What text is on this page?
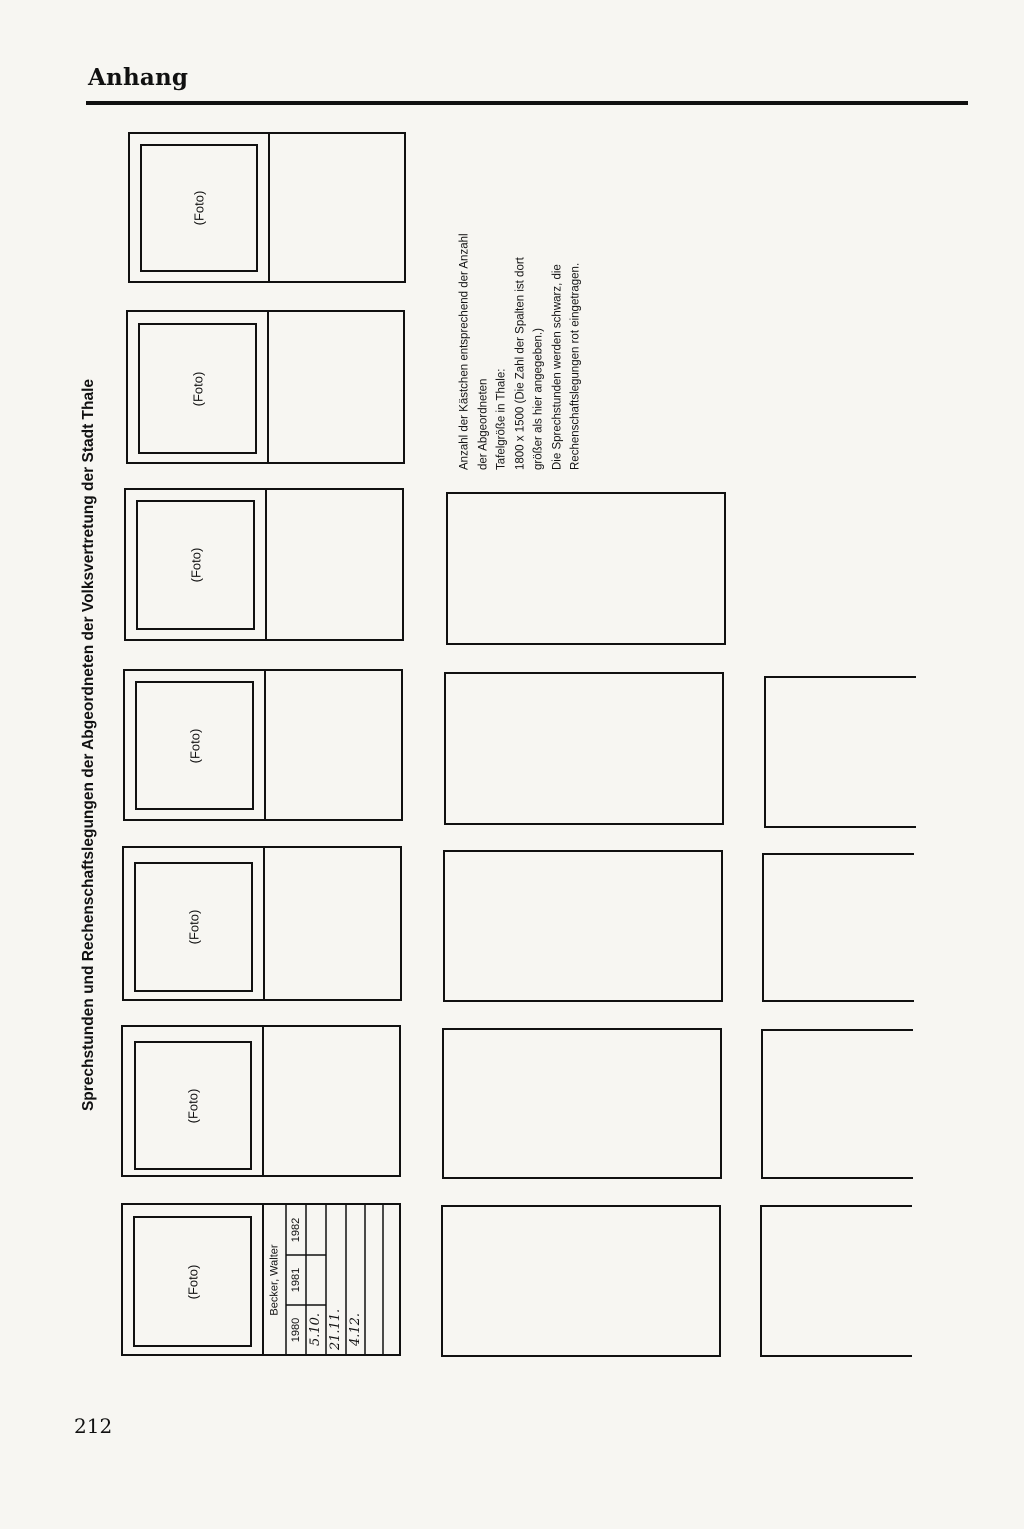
Anhang
Sprechstunden und Rechenschaftslegungen der Abgeordneten der Volksvertretung der Stadt Thale
Anzahl der Kästchen entsprechend der Anzahl der Abgeordneten Tafelgröße in Thale: 1800 x 1500 (Die Zahl der Spalten ist dort größer als hier angegeben.) Die Sprechstunden werden schwarz, die Rechenschaftslegungen rot eingetragen.
(Foto)
(Foto)
(Foto)
(Foto)
(Foto)
(Foto)
(Foto)	Becker, Walter
1980
1981
1982
5.10. 21.11. 4.12.
212
